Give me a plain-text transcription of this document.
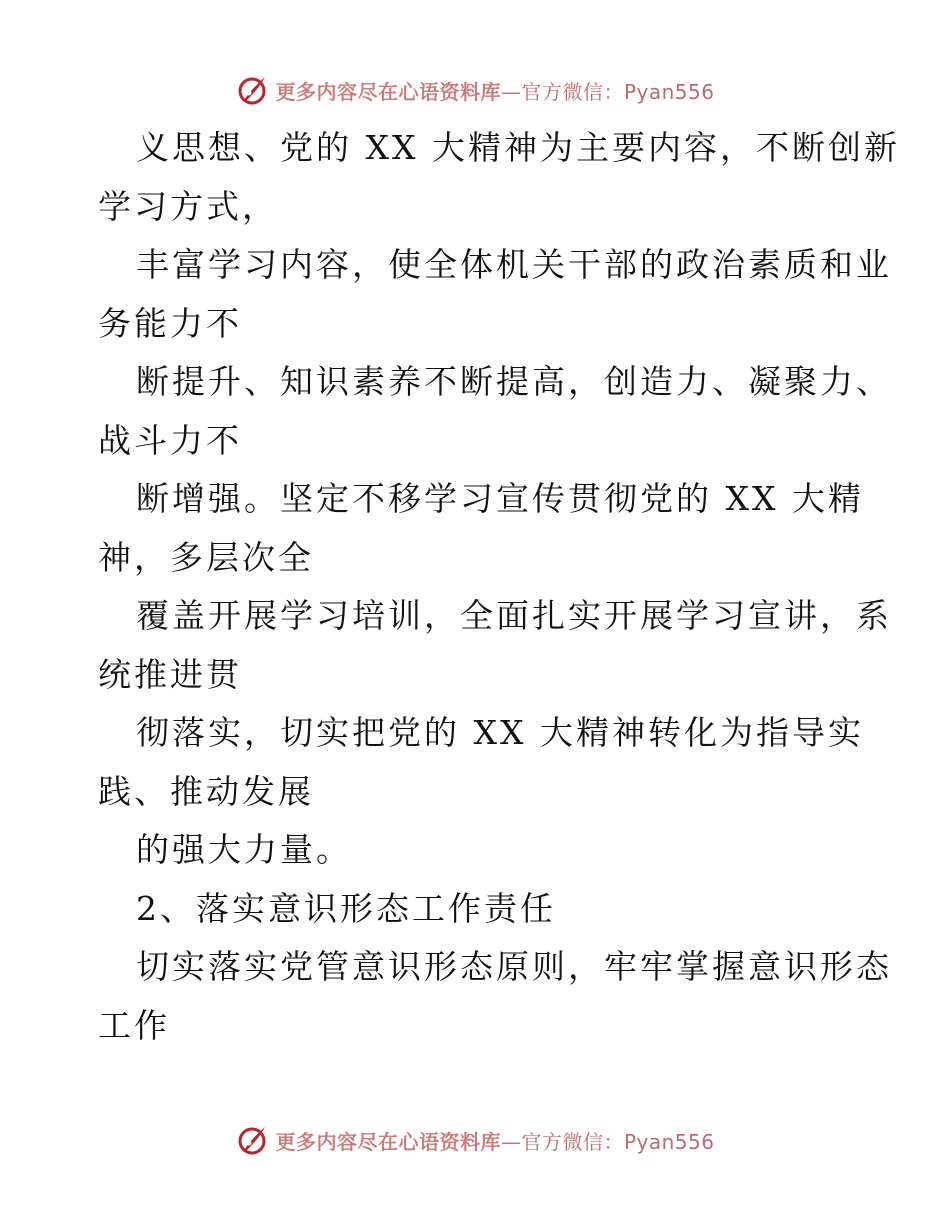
更多内容尽在心语资料库—官方微信：Pyan556
义思想、党的 XX 大精神为主要内容，不断创新
学习方式，
丰富学习内容，使全体机关干部的政治素质和业
务能力不
断提升、知识素养不断提高，创造力、凝聚力、
战斗力不
断增强。坚定不移学习宣传贯彻党的 XX 大精
神，多层次全
覆盖开展学习培训，全面扎实开展学习宣讲，系
统推进贯
彻落实，切实把党的 XX 大精神转化为指导实
践、推动发展
的强大力量。
2、落实意识形态工作责任
切实落实党管意识形态原则，牢牢掌握意识形态
工作
更多内容尽在心语资料库—官方微信：Pyan556
